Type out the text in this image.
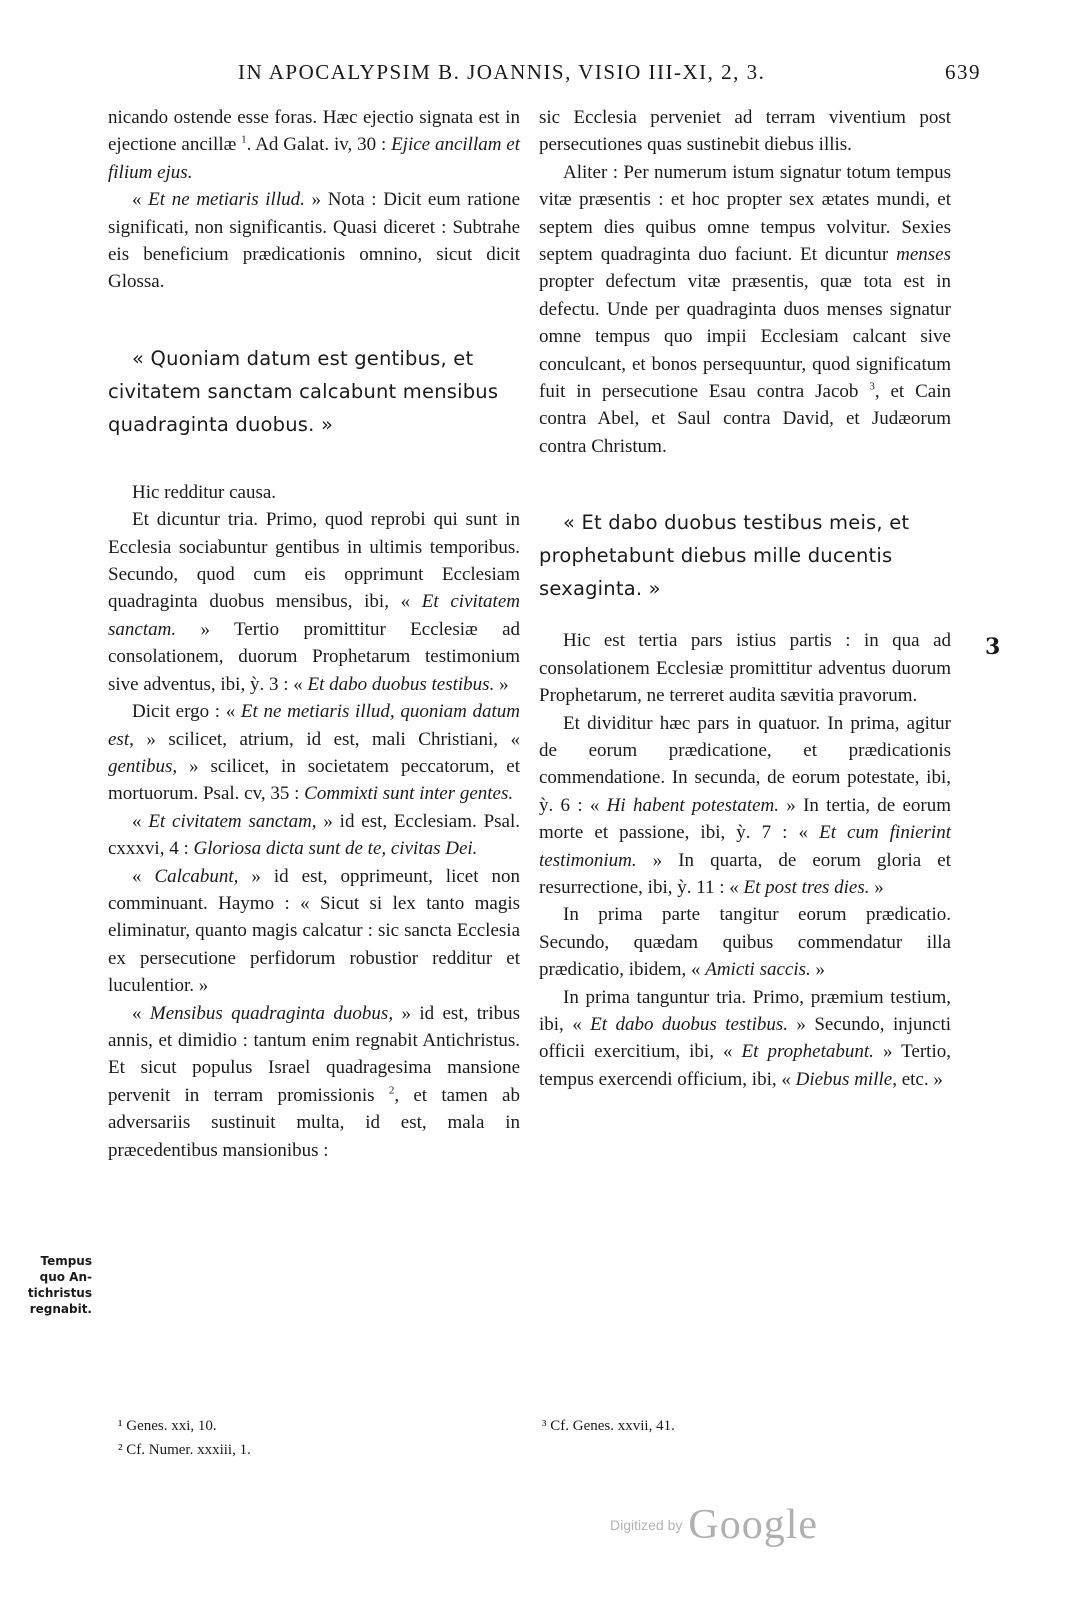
IN APOCALYPSIM B. JOANNIS, VISIO III-XI, 2, 3.	639

nicando ostende esse foras. Hæc ejectio signata est in ejectione ancillæ $^1$. Ad Galat. iv, 30 : Ejice ancillam et filium ejus.

« Et ne metiaris illud. » Nota : Dicit eum ratione significati, non significantis. Quasi diceret : Subtrahe eis beneficium prædicationis omnino, sicut dicit Glossa.

« Quoniam datum est gentibus, et civitatem sanctam calcabunt mensibus quadraginta duobus. »

Hic redditur causa.

Et dicuntur tria. Primo, quod reprobi qui sunt in Ecclesia sociabuntur gentibus in ultimis temporibus. Secundo, quod cum eis opprimunt Ecclesiam quadraginta duobus mensibus, ibi, « Et civitatem sanctam. » Tertio promittitur Ecclesiæ ad consolationem, duorum Prophetarum testimonium sive adventus, ibi, ỳ. 3 : « Et dabo duobus testibus. »

Dicit ergo : « Et ne metiaris illud, quoniam datum est, » scilicet, atrium, id est, mali Christiani, « gentibus, » scilicet, in societatem peccatorum, et mortuorum. Psal. cv, 35 : Commixti sunt inter gentes.

« Et civitatem sanctam, » id est, Ecclesiam. Psal. cxxxvi, 4 : Gloriosa dicta sunt de te, civitas Dei.

« Calcabunt, » id est, opprimeunt, licet non comminuant. Haymo : « Sicut si lex tanto magis eliminatur, quanto magis calcatur : sic sancta Ecclesia ex persecutione perfidorum robustior redditur et luculentior. »

« Mensibus quadraginta duobus, » id est, tribus annis, et dimidio : tantum enim regnabit Antichristus. Et sicut populus Israel quadragesima mansione pervenit in terram promissionis $^2$, et tamen ab adversariis sustinuit multa, id est, mala in præcedentibus mansionibus :

sic Ecclesia perveniet ad terram viventium post persecutiones quas sustinebit diebus illis.

Aliter : Per numerum istum signatur totum tempus vitæ præsentis : et hoc propter sex ætates mundi, et septem dies quibus omne tempus volvitur. Sexies septem quadraginta duo faciunt. Et dicuntur menses propter defectum vitæ præsentis, quæ tota est in defectu. Unde per quadraginta duos menses signatur omne tempus quo impii Ecclesiam calcant sive conculcant, et bonos persequuntur, quod significatum fuit in persecutione Esau contra Jacob $^3$, et Cain contra Abel, et Saul contra David, et Judæorum contra Christum.

« Et dabo duobus testibus meis, et prophetabunt diebus mille ducentis sexaginta. »

Hic est tertia pars istius partis : in qua ad consolationem Ecclesiæ promittitur adventus duorum Prophetarum, ne terreret audita sævitia pravorum.

Et dividitur hæc pars in quatuor. In prima, agitur de eorum prædicatione, et prædicationis commendatione. In secunda, de eorum potestate, ibi, ỳ. 6 : « Hi habent potestatem. » In tertia, de eorum morte et passione, ibi, ỳ. 7 : « Et cum finierint testimonium. » In quarta, de eorum gloria et resurrectione, ibi, ỳ. 11 : « Et post tres dies. »

In prima parte tangitur eorum prædicatio. Secundo, quædam quibus commendatur illa prædicatio, ibidem, « Amicti saccis. »

In prima tanguntur tria. Primo, præmium testium, ibi, « Et dabo duobus testibus. » Secundo, injuncti officii exercitium, ibi, « Et prophetabunt. » Tertio, tempus exercendi officium, ibi, « Diebus mille, etc. »

Tempus
quo An-
tichristus
regnabit.
3
¹ Genes. xxi, 10.
² Cf. Numer. xxxiii, 1.
³ Cf. Genes. xxvii, 41.
Digitized by Google
